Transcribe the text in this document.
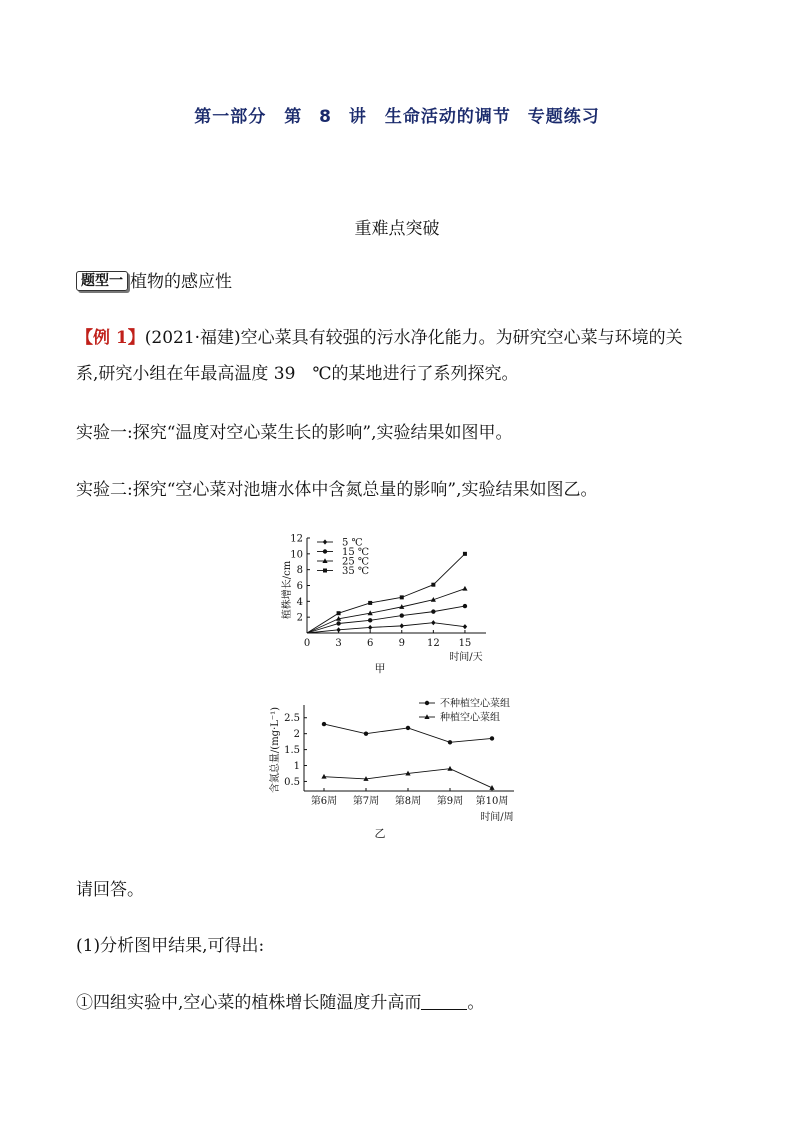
第一部分　第 8 讲　生命活动的调节 专题练习
重难点突破
题型一 植物的感应性
【例 1】(2021·福建)空心菜具有较强的污水净化能力。为研究空心菜与环境的关
系,研究小组在年最高温度 39　℃的某地进行了系列探究。
实验一:探究“温度对空心菜生长的影响”,实验结果如图甲。
实验二:探究“空心菜对池塘水体中含氮总量的影响”,实验结果如图乙。
植株增长/cm
时间/天
甲
2
4
6
8
10
12
0	3	6	9 12 15
5 ℃
15 ℃
25 ℃
35 ℃
含氮总量/(mg·L⁻¹)
时间/周
乙
0.5
1
1.5
2
2.5
第6周 第7周 第8周 第9周 第10周
不种植空心菜组
种植空心菜组
请回答。
(1)分析图甲结果,可得出:
①四组实验中,空心菜的植株增长随温度升高而	。
